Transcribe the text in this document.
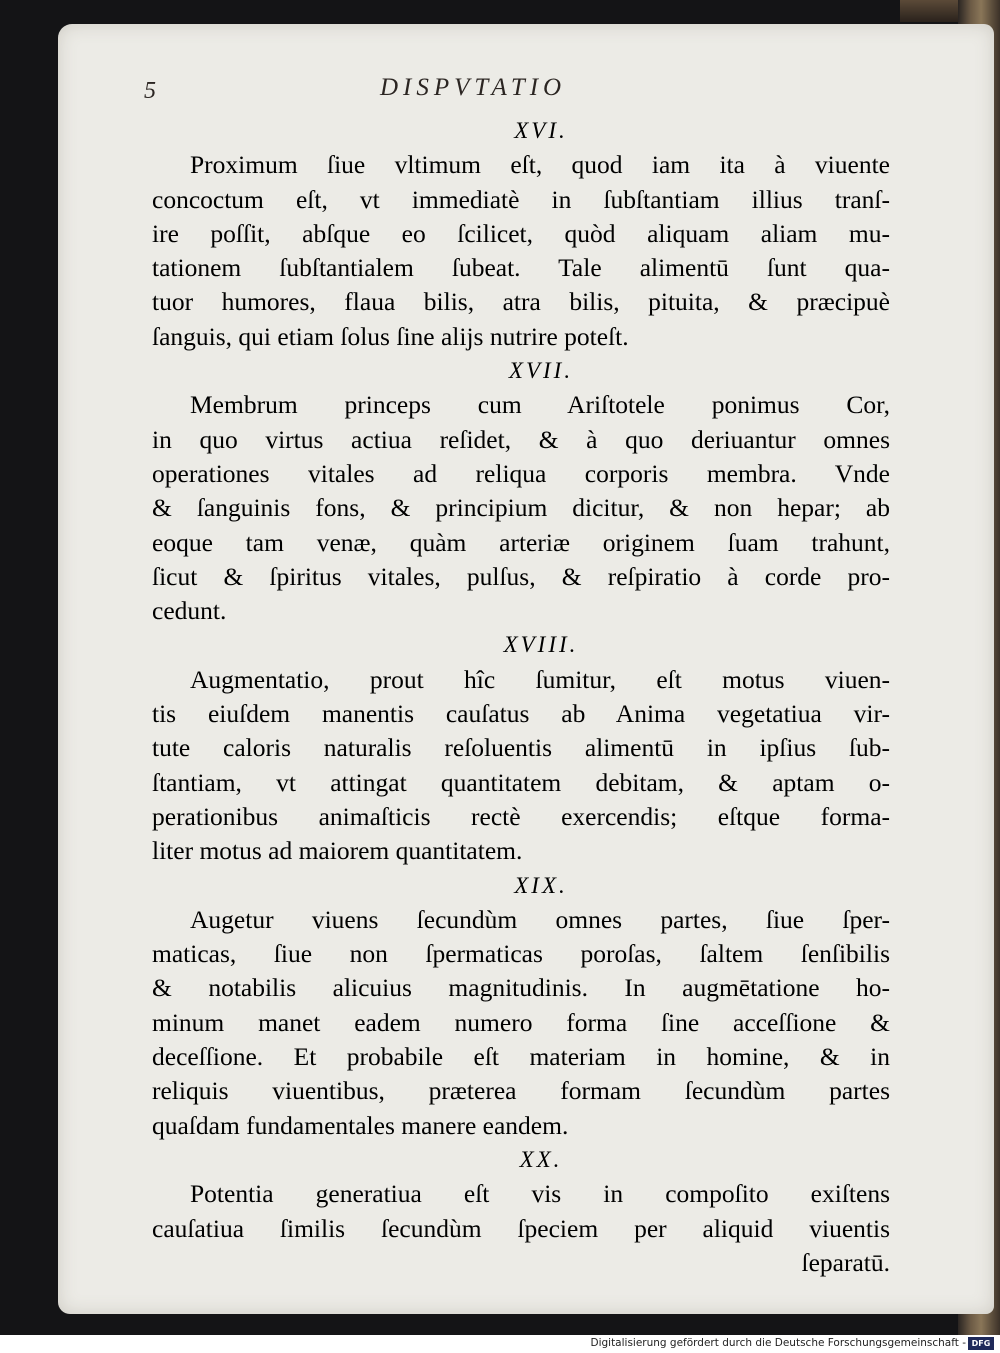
5	DISPVTATIO
XVI.
Proximum ſiue vltimum eſt, quod iam ita à viuente
concoctum eſt, vt immediatè in ſubſtantiam illius tranſ-
ire poſſit, abſque eo ſcilicet, quòd aliquam aliam mu-
tationem ſubſtantialem ſubeat. Tale alimentū ſunt qua-
tuor humores, flaua bilis, atra bilis, pituita, & præcipuè
ſanguis, qui etiam ſolus ſine alijs nutrire poteſt.
XVII.
Membrum princeps cum Ariſtotele ponimus Cor,
in quo virtus actiua reſidet, & à quo deriuantur omnes
operationes vitales ad reliqua corporis membra. Vnde
& ſanguinis fons, & principium dicitur, & non hepar; ab
eoque tam venæ, quàm arteriæ originem ſuam trahunt,
ſicut & ſpiritus vitales, pulſus, & reſpiratio à corde pro-
cedunt.
XVIII.
Augmentatio, prout hîc ſumitur, eſt motus viuen-
tis eiuſdem manentis cauſatus ab Anima vegetatiua vir-
tute caloris naturalis reſoluentis alimentū in ipſius ſub-
ſtantiam, vt attingat quantitatem debitam, & aptam o-
perationibus animaſticis rectè exercendis; eſtque forma-
liter motus ad maiorem quantitatem.
XIX.
Augetur viuens ſecundùm omnes partes, ſiue ſper-
maticas, ſiue non ſpermaticas poroſas, ſaltem ſenſibilis
& notabilis alicuius magnitudinis. In augmētatione ho-
minum manet eadem numero forma ſine acceſſione &
deceſſione. Et probabile eſt materiam in homine, & in
reliquis viuentibus, præterea formam ſecundùm partes
quaſdam fundamentales manere eandem.
XX.
Potentia generatiua eſt vis in compoſito exiſtens
cauſatiua ſimilis ſecundùm ſpeciem per aliquid viuentis
ſeparatū.
Digitalisierung gefördert durch die Deutsche Forschungsgemeinschaft - DFG
